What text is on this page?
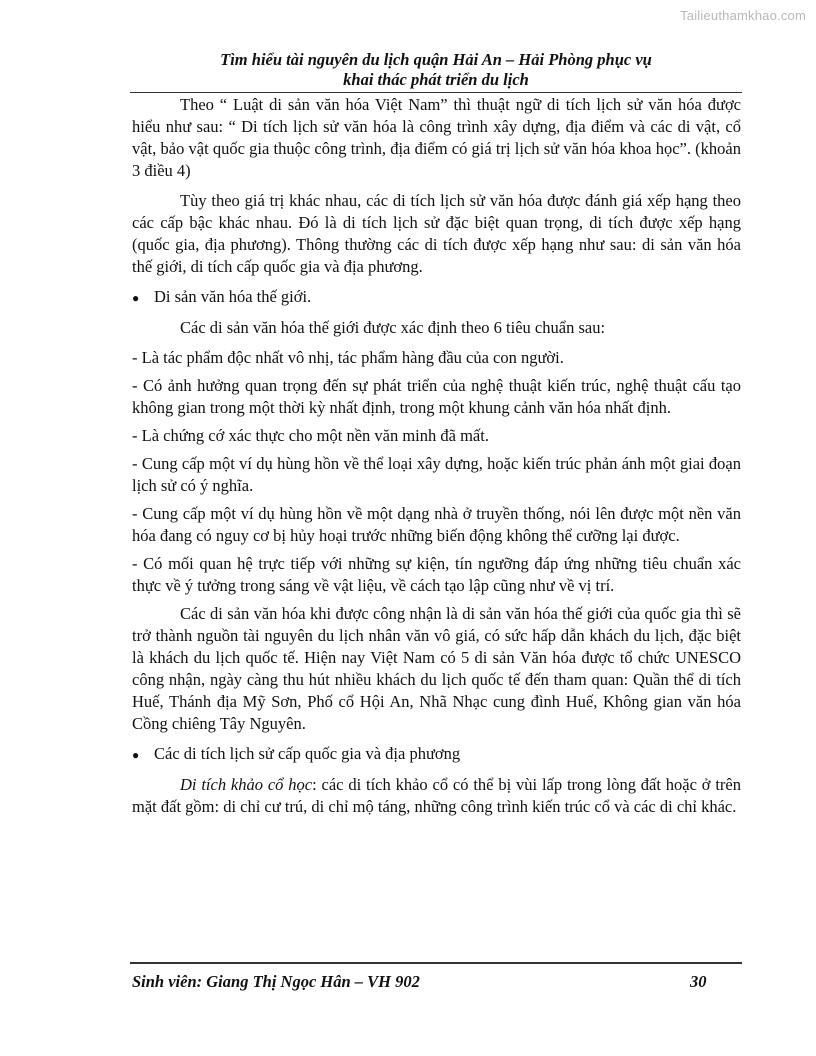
Tailieuthamkhao.com
Tìm hiểu tài nguyên du lịch quận Hải An – Hải Phòng phục vụ
khai thác phát triển du lịch

Theo “ Luật di sản văn hóa Việt Nam” thì thuật ngữ di tích lịch sử văn hóa được hiểu như sau: “ Di tích lịch sử văn hóa là công trình xây dựng, địa điểm và các di vật, cổ vật, bảo vật quốc gia thuộc công trình, địa điểm có giá trị lịch sử văn hóa khoa học”. (khoản 3 điều 4)

Tùy theo giá trị khác nhau, các di tích lịch sử văn hóa được đánh giá xếp hạng theo các cấp bậc khác nhau. Đó là di tích lịch sử đặc biệt quan trọng, di tích được xếp hạng (quốc gia, địa phương). Thông thường các di tích được xếp hạng như sau: di sản văn hóa thế giới, di tích cấp quốc gia và địa phương.

● Di sản văn hóa thế giới.

Các di sản văn hóa thế giới được xác định theo 6 tiêu chuẩn sau:

- Là tác phẩm độc nhất vô nhị, tác phẩm hàng đầu của con người.

- Có ảnh hưởng quan trọng đến sự phát triển của nghệ thuật kiến trúc, nghệ thuật cấu tạo không gian trong một thời kỳ nhất định, trong một khung cảnh văn hóa nhất định.

- Là chứng cớ xác thực cho một nền văn minh đã mất.

- Cung cấp một ví dụ hùng hồn về thể loại xây dựng, hoặc kiến trúc phản ánh một giai đoạn lịch sử có ý nghĩa.

- Cung cấp một ví dụ hùng hồn về một dạng nhà ở truyền thống, nói lên được một nền văn hóa đang có nguy cơ bị hủy hoại trước những biến động không thể cưỡng lại được.

- Có mối quan hệ trực tiếp với những sự kiện, tín ngưỡng đáp ứng những tiêu chuẩn xác thực về ý tưởng trong sáng về vật liệu, về cách tạo lập cũng như về vị trí.

Các di sản văn hóa khi được công nhận là di sản văn hóa thế giới của quốc gia thì sẽ trở thành nguồn tài nguyên du lịch nhân văn vô giá, có sức hấp dẫn khách du lịch, đặc biệt là khách du lịch quốc tế. Hiện nay Việt Nam có 5 di sản Văn hóa được tổ chức UNESCO công nhận, ngày càng thu hút nhiều khách du lịch quốc tế đến tham quan: Quần thể di tích Huế, Thánh địa Mỹ Sơn, Phố cổ Hội An, Nhã Nhạc cung đình Huế, Không gian văn hóa Cồng chiêng Tây Nguyên.

● Các di tích lịch sử cấp quốc gia và địa phương

Di tích khảo cổ học: các di tích khảo cổ có thể bị vùi lấp trong lòng đất hoặc ở trên mặt đất gồm: di chỉ cư trú, di chỉ mộ táng, những công trình kiến trúc cổ và các di chỉ khác.

Sinh viên: Giang Thị Ngọc Hân – VH 902	30
